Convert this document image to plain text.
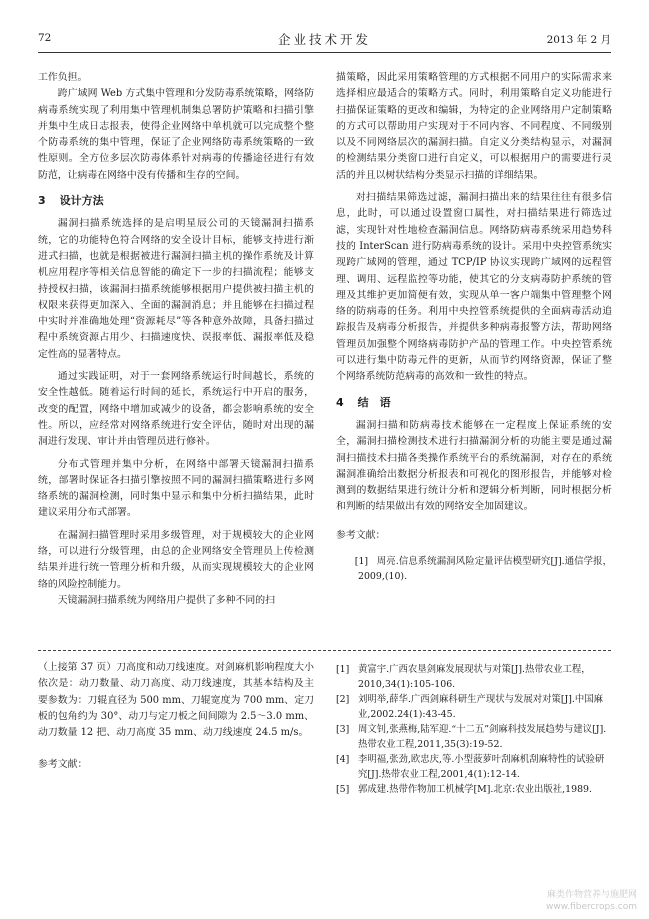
72	企业技术开发	2013 年 2 月

工作负担。

跨广域网 Web 方式集中管理和分发防毒系统策略，网络防病毒系统实现了利用集中管理机制集总署防护策略和扫描引擎并集中生成日志报表，使得企业网络中单机就可以完成整个整个防毒系统的集中管理，保证了企业网络防毒系统策略的一致性原则。全方位多层次防毒体系针对病毒的传播途径进行有效防范，让病毒在网络中没有传播和生存的空间。

3 设计方法

漏洞扫描系统选择的是启明星辰公司的天镜漏洞扫描系统，它的功能特色符合网络的安全设计目标，能够支持进行渐进式扫描，也就是根据被进行漏洞扫描主机的操作系统及计算机应用程序等相关信息智能的确定下一步的扫描流程；能够支持授权扫描，该漏洞扫描系统能够根据用户提供被扫描主机的权限来获得更加深入、全面的漏洞消息；并且能够在扫描过程中实时并准确地处理“资源耗尽”等各种意外故障，具备扫描过程中系统资源占用少、扫描速度快、误报率低、漏报率低及稳定性高的显著特点。

通过实践证明，对于一套网络系统运行时间越长，系统的安全性越低。随着运行时间的延长，系统运行中开启的服务，改变的配置，网络中增加或减少的设备，都会影响系统的安全性。所以，应经常对网络系统进行安全评估，随时对出现的漏洞进行发现、审计并由管理员进行修补。

分布式管理并集中分析，在网络中部署天镜漏洞扫描系统，部署时保证各扫描引擎按照不同的漏洞扫描策略进行多网络系统的漏洞检测，同时集中显示和集中分析扫描结果，此时建议采用分布式部署。

在漏洞扫描管理时采用多级管理，对于规模较大的企业网络，可以进行分级管理，由总的企业网络安全管理员上传检测结果并进行统一管理分析和升级，从而实现规模较大的企业网络的风险控制能力。

天镜漏洞扫描系统为网络用户提供了多种不同的扫

描策略，因此采用策略管理的方式根据不同用户的实际需求来选择相应最适合的策略方式。同时，利用策略自定义功能进行扫描保证策略的更改和编辑，为特定的企业网络用户定制策略的方式可以帮助用户实现对于不同内容、不同程度、不同级别以及不同网络层次的漏洞扫描。自定义分类结构显示，对漏洞的检测结果分类窗口进行自定义，可以根据用户的需要进行灵活的并且以树状结构分类显示扫描的详细结果。

对扫描结果筛选过滤，漏洞扫描出来的结果往往有很多信息，此时，可以通过设置窗口属性，对扫描结果进行筛选过滤，实现针对性地检查漏洞信息。网络防病毒系统采用趋势科技的 InterScan 进行防病毒系统的设计。采用中央控管系统实现跨广域网的管理，通过 TCP/IP 协议实现跨广域网的远程管理、调用、远程监控等功能，使其它的分支病毒防护系统的管理及其维护更加简便有效，实现从单一客户端集中管理整个网络的防病毒的任务。利用中央控管系统提供的全面病毒活动追踪报告及病毒分析报告，并提供多种病毒报警方法，帮助网络管理员加强整个网络病毒防护产品的管理工作。中央控管系统可以进行集中防毒元件的更新，从而节约网络资源，保证了整个网络系统防范病毒的高效和一致性的特点。

4 结　语

漏洞扫描和防病毒技术能够在一定程度上保证系统的安全，漏洞扫描检测技术进行扫描漏洞分析的功能主要是通过漏洞扫描技术扫描各类操作系统平台的系统漏洞，对存在的系统漏洞准确给出数据分析报表和可视化的图形报告，并能够对检测到的数据结果进行统计分析和逻辑分析判断，同时根据分析和判断的结果做出有效的网络安全加固建议。

参考文献：

[1] 周亮.信息系统漏洞风险定量评估模型研究[J].通信学报，2009,(10).

（上接第 37 页）刀高度和动刀线速度。对剑麻机影响程度大小依次是：动刀数量、动刀高度、动刀线速度，其基本结构及主要参数为：刀辊直径为 500 mm、刀辊宽度为 700 mm、定刀板的包角约为 30°、动刀与定刀板之间间隙为 2.5～3.0 mm、动刀数量 12 把、动刀高度 35 mm、动刀线速度 24.5 m/s。

参考文献：

[1] 黄富宇.广西农垦剑麻发展现状与对策[J].热带农业工程，2010,34(1):105-106.

[2] 刘明举,薛华.广西剑麻科研生产现状与发展对对策[J].中国麻业,2002.24(1):43-45.

[3] 周文钊,张燕梅,陆军迎.“十二五”剑麻科技发展趋势与建议[J].热带农业工程,2011,35(3):19-52.

[4] 李明福,张劲,欧忠庆,等.小型菠萝叶刮麻机刮麻特性的试验研究[J].热带农业工程,2001,4(1):12-14.

[5] 郭成建.热带作物加工机械学[M].北京:农业出版社,1989.

麻类作物营养与施肥网
www.fibercrops.com
